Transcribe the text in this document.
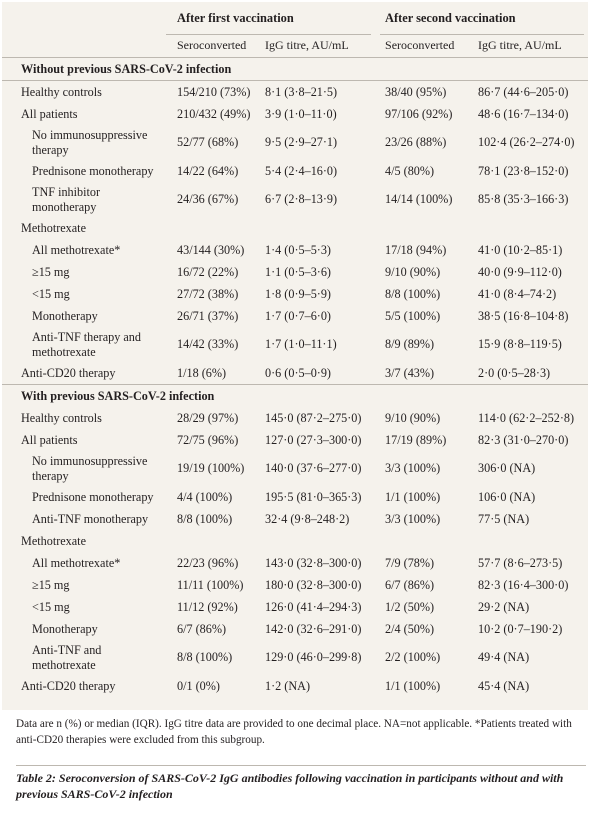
	After first vaccination		After second vaccination	
	Seroconverted	IgG titre, AU/mL	Seroconverted	IgG titre, AU/mL
Without previous SARS-CoV-2 infection				
Healthy controls	154/210 (73%)	8·1 (3·8–21·5)	38/40 (95%)	86·7 (44·6–205·0)
All patients	210/432 (49%)	3·9 (1·0–11·0)	97/106 (92%)	48·6 (16·7–134·0)
No immunosuppressive therapy	52/77 (68%)	9·5 (2·9–27·1)	23/26 (88%)	102·4 (26·2–274·0)
Prednisone monotherapy	14/22 (64%)	5·4 (2·4–16·0)	4/5 (80%)	78·1 (23·8–152·0)
TNF inhibitor monotherapy	24/36 (67%)	6·7 (2·8–13·9)	14/14 (100%)	85·8 (35·3–166·3)
Methotrexate				
All methotrexate*	43/144 (30%)	1·4 (0·5–5·3)	17/18 (94%)	41·0 (10·2–85·1)
≥15 mg	16/72 (22%)	1·1 (0·5–3·6)	9/10 (90%)	40·0 (9·9–112·0)
<15 mg	27/72 (38%)	1·8 (0·9–5·9)	8/8 (100%)	41·0 (8·4–74·2)
Monotherapy	26/71 (37%)	1·7 (0·7–6·0)	5/5 (100%)	38·5 (16·8–104·8)
Anti-TNF therapy and methotrexate	14/42 (33%)	1·7 (1·0–11·1)	8/9 (89%)	15·9 (8·8–119·5)
Anti-CD20 therapy	1/18 (6%)	0·6 (0·5–0·9)	3/7 (43%)	2·0 (0·5–28·3)
With previous SARS-CoV-2 infection				
Healthy controls	28/29 (97%)	145·0 (87·2–275·0)	9/10 (90%)	114·0 (62·2–252·8)
All patients	72/75 (96%)	127·0 (27·3–300·0)	17/19 (89%)	82·3 (31·0–270·0)
No immunosuppressive therapy	19/19 (100%)	140·0 (37·6–277·0)	3/3 (100%)	306·0 (NA)
Prednisone monotherapy	4/4 (100%)	195·5 (81·0–365·3)	1/1 (100%)	106·0 (NA)
Anti-TNF monotherapy	8/8 (100%)	32·4 (9·8–248·2)	3/3 (100%)	77·5 (NA)
Methotrexate				
All methotrexate*	22/23 (96%)	143·0 (32·8–300·0)	7/9 (78%)	57·7 (8·6–273·5)
≥15 mg	11/11 (100%)	180·0 (32·8–300·0)	6/7 (86%)	82·3 (16·4–300·0)
<15 mg	11/12 (92%)	126·0 (41·4–294·3)	1/2 (50%)	29·2 (NA)
Monotherapy	6/7 (86%)	142·0 (32·6–291·0)	2/4 (50%)	10·2 (0·7–190·2)
Anti-TNF and methotrexate	8/8 (100%)	129·0 (46·0–299·8)	2/2 (100%)	49·4 (NA)
Anti-CD20 therapy	0/1 (0%)	1·2 (NA)	1/1 (100%)	45·4 (NA)
Data are n (%) or median (IQR). IgG titre data are provided to one decimal place. NA=not applicable. *Patients treated with anti-CD20 therapies were excluded from this subgroup.
Table 2: Seroconversion of SARS-CoV-2 IgG antibodies following vaccination in participants without and with previous SARS-CoV-2 infection
